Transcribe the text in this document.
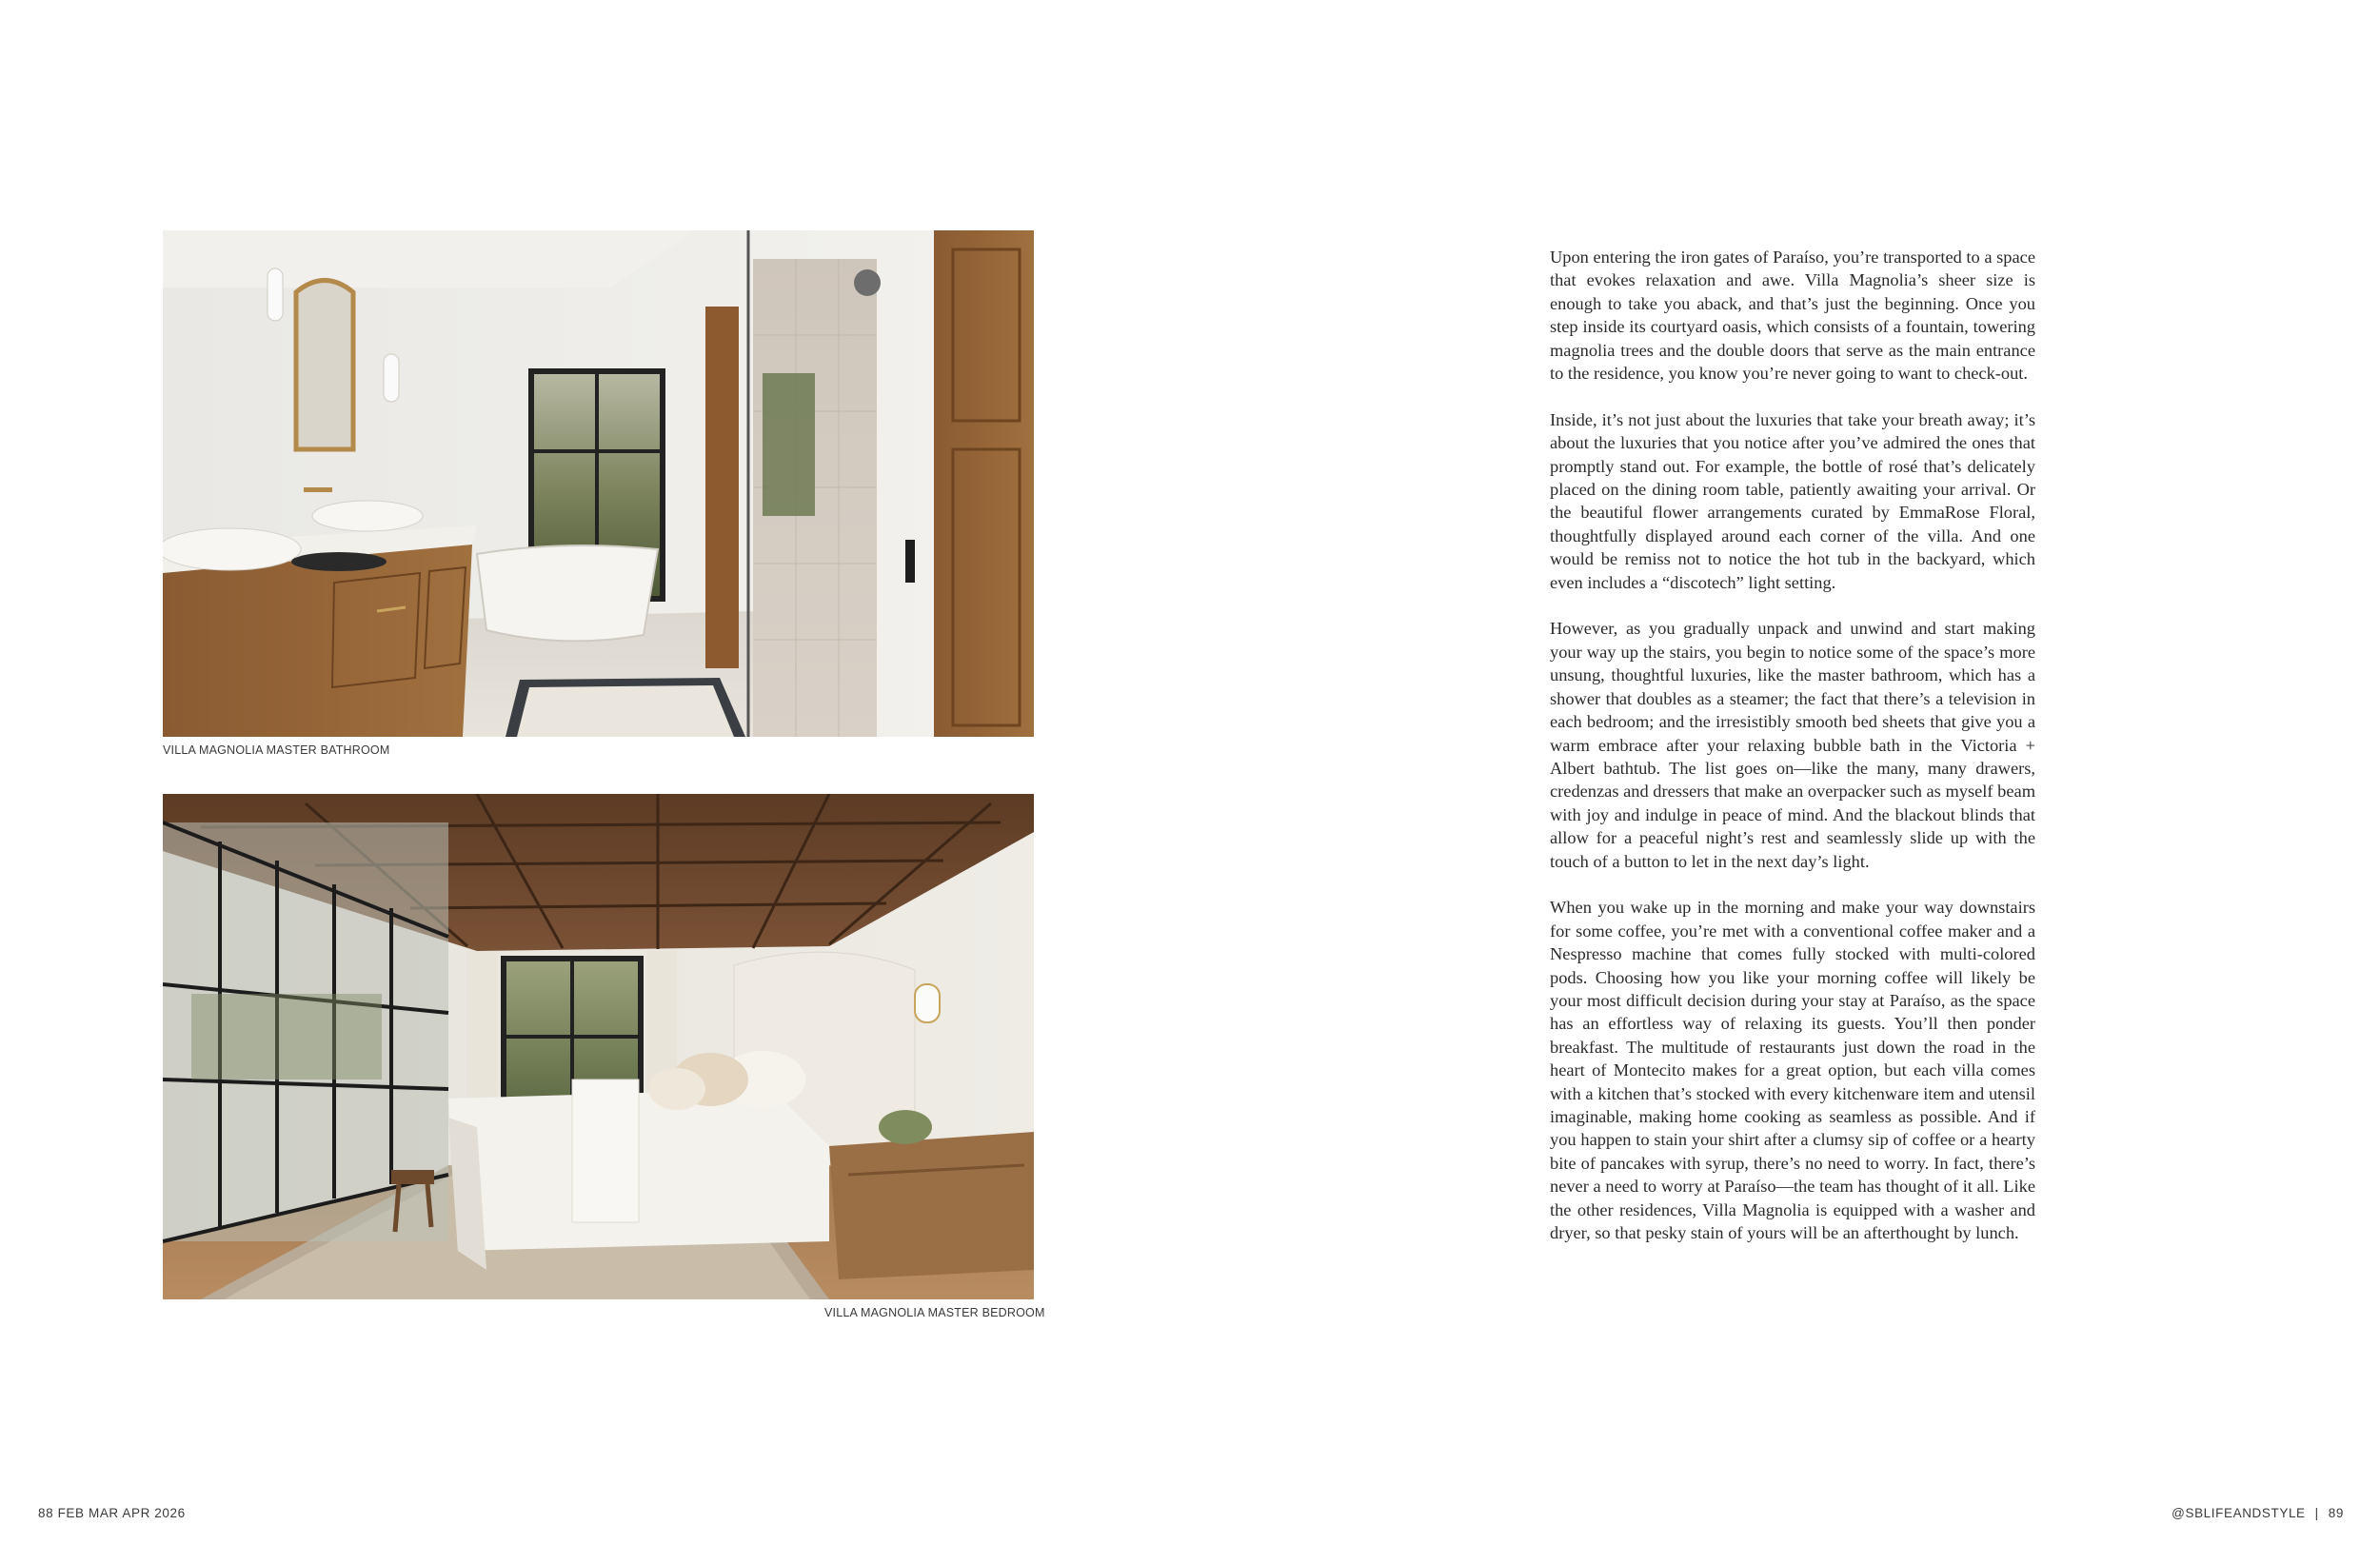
VILLA MAGNOLIA MASTER BATHROOM
VILLA MAGNOLIA MASTER BEDROOM
88 FEB MAR APR 2026

Upon entering the iron gates of Paraíso, you’re transported to a space that evokes relaxation and awe. Villa Magnolia’s sheer size is enough to take you aback, and that’s just the beginning. Once you step inside its courtyard oasis, which consists of a fountain, towering magnolia trees and the double doors that serve as the main entrance to the residence, you know you’re never going to want to check-out.

Inside, it’s not just about the luxuries that take your breath away; it’s about the luxuries that you notice after you’ve admired the ones that promptly stand out. For example, the bottle of rosé that’s delicately placed on the dining room table, patiently awaiting your arrival. Or the beautiful flower arrangements curated by EmmaRose Floral, thoughtfully displayed around each corner of the villa. And one would be remiss not to notice the hot tub in the backyard, which even includes a “discotech” light setting.

However, as you gradually unpack and unwind and start making your way up the stairs, you begin to notice some of the space’s more unsung, thoughtful luxuries, like the master bathroom, which has a shower that doubles as a steamer; the fact that there’s a television in each bedroom; and the irresistibly smooth bed sheets that give you a warm embrace after your relaxing bubble bath in the Victoria + Albert bathtub. The list goes on—like the many, many drawers, credenzas and dressers that make an overpacker such as myself beam with joy and indulge in peace of mind. And the blackout blinds that allow for a peaceful night’s rest and seamlessly slide up with the touch of a button to let in the next day’s light.

When you wake up in the morning and make your way downstairs for some coffee, you’re met with a conventional coffee maker and a Nespresso machine that comes fully stocked with multi-colored pods. Choosing how you like your morning coffee will likely be your most difficult decision during your stay at Paraíso, as the space has an effortless way of relaxing its guests. You’ll then ponder breakfast. The multitude of restaurants just down the road in the heart of Montecito makes for a great option, but each villa comes with a kitchen that’s stocked with every kitchenware item and utensil imaginable, making home cooking as seamless as possible. And if you happen to stain your shirt after a clumsy sip of coffee or a hearty bite of pancakes with syrup, there’s no need to worry. In fact, there’s never a need to worry at Paraíso—the team has thought of it all. Like the other residences, Villa Magnolia is equipped with a washer and dryer, so that pesky stain of yours will be an afterthought by lunch.

@SBLIFEANDSTYLE | 89
